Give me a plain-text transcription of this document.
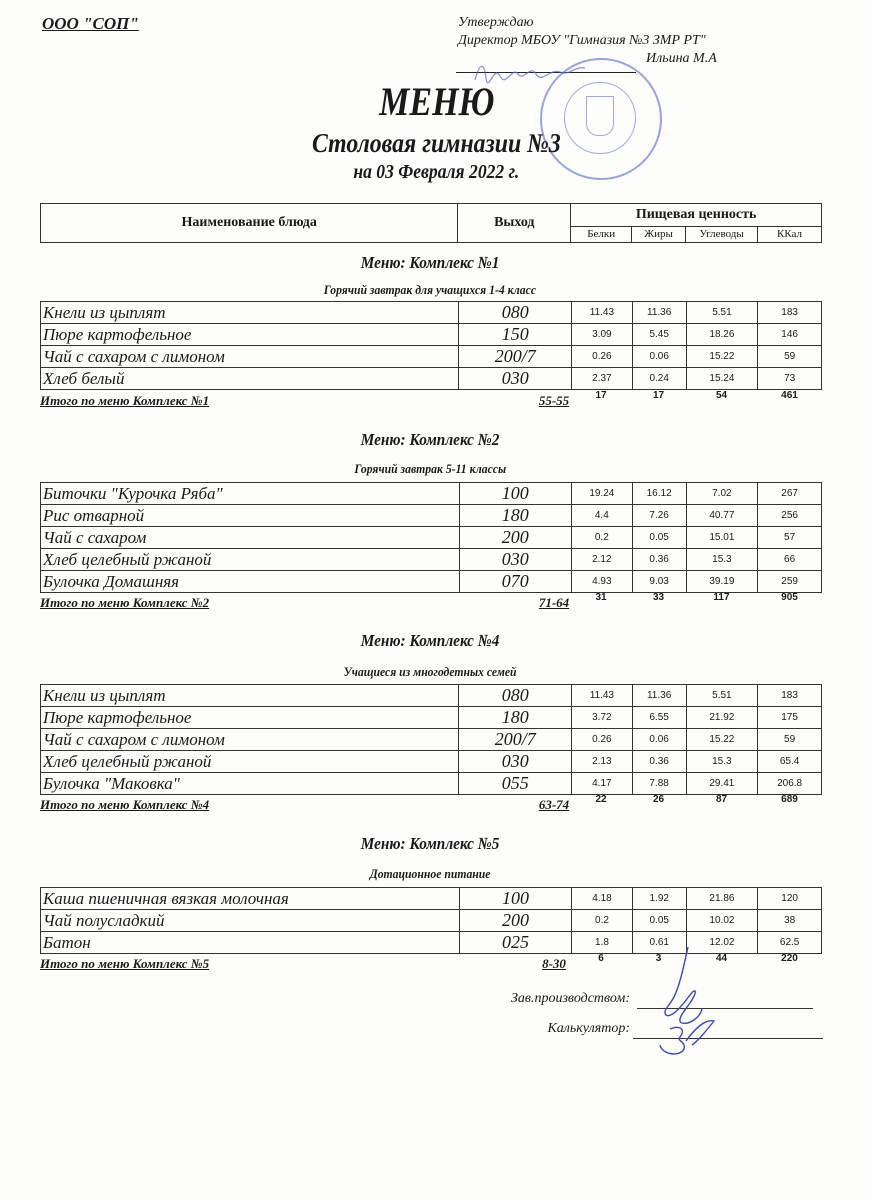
ООО "СОП"	Утверждаю
Директор МБОУ "Гимназия №3 ЗМР РТ"
Ильина М.А
МЕНЮ
Столовая гимназии №3
на 03 Февраля 2022 г.
Наименование блюда	Выход	Пищевая ценность			
		Белки	Жиры	Углеводы	ККал
Меню: Комплекс №1
Горячий завтрак для учащихся 1-4 класс
Кнели из цыплят	080	11.43	11.36	5.51	183
Пюре картофельное	150	3.09	5.45	18.26	146
Чай с сахаром с лимоном	200/7	0.26	0.06	15.22	59
Хлеб белый	030	2.37	0.24	15.24	73
Итого по меню Комплекс №1	55-55	17	17	54	461
Меню: Комплекс №2
Горячий завтрак 5-11 классы
Биточки "Курочка Ряба"	100	19.24	16.12	7.02	267
Рис отварной	180	4.4	7.26	40.77	256
Чай с сахаром	200	0.2	0.05	15.01	57
Хлеб целебный ржаной	030	2.12	0.36	15.3	66
Булочка Домашняя	070	4.93	9.03	39.19	259
Итого по меню Комплекс №2	71-64	31	33	117	905
Меню: Комплекс №4
Учащиеся из многодетных семей
Кнели из цыплят	080	11.43	11.36	5.51	183
Пюре картофельное	180	3.72	6.55	21.92	175
Чай с сахаром с лимоном	200/7	0.26	0.06	15.22	59
Хлеб целебный ржаной	030	2.13	0.36	15.3	65.4
Булочка "Маковка"	055	4.17	7.88	29.41	206.8
Итого по меню Комплекс №4	63-74	22	26	87	689
Меню: Комплекс №5
Дотационное питание
Каша пшеничная вязкая молочная	100	4.18	1.92	21.86	120
Чай полусладкий	200	0.2	0.05	10.02	38
Батон	025	1.8	0.61	12.02	62.5
Итого по меню Комплекс №5	8-30	6	3	44	220
Зав.производством:
Калькулятор:
